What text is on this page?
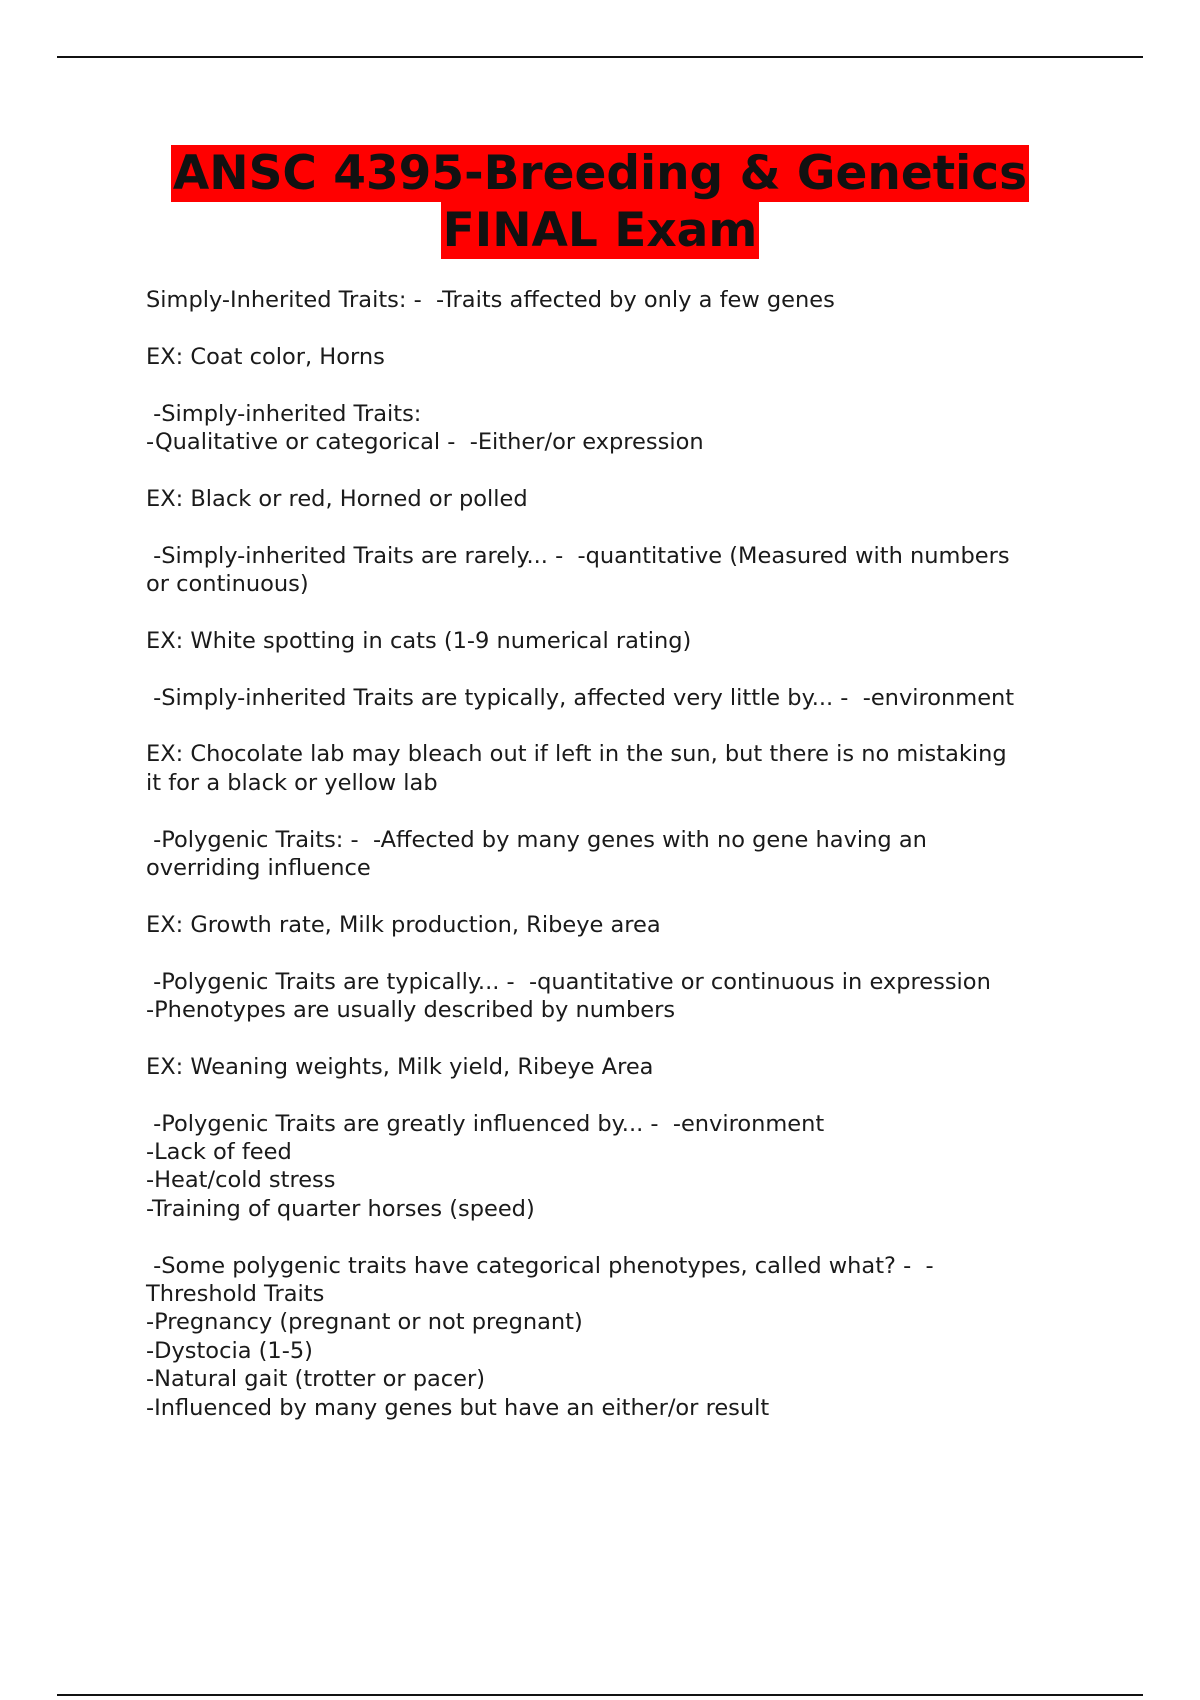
ANSC 4395-Breeding & Genetics
FINAL Exam
Simply-Inherited Traits: -  -Traits affected by only a few genes
EX: Coat color, Horns
-Simply-inherited Traits:
-Qualitative or categorical -  -Either/or expression
EX: Black or red, Horned or polled
-Simply-inherited Traits are rarely... -  -quantitative (Measured with numbers
or continuous)
EX: White spotting in cats (1-9 numerical rating)
-Simply-inherited Traits are typically, affected very little by... -  -environment
EX: Chocolate lab may bleach out if left in the sun, but there is no mistaking
it for a black or yellow lab
-Polygenic Traits: -  -Affected by many genes with no gene having an
overriding influence
EX: Growth rate, Milk production, Ribeye area
-Polygenic Traits are typically... -  -quantitative or continuous in expression
-Phenotypes are usually described by numbers
EX: Weaning weights, Milk yield, Ribeye Area
-Polygenic Traits are greatly influenced by... -  -environment
-Lack of feed
-Heat/cold stress
-Training of quarter horses (speed)
-Some polygenic traits have categorical phenotypes, called what? -  -
Threshold Traits
-Pregnancy (pregnant or not pregnant)
-Dystocia (1-5)
-Natural gait (trotter or pacer)
-Influenced by many genes but have an either/or result
